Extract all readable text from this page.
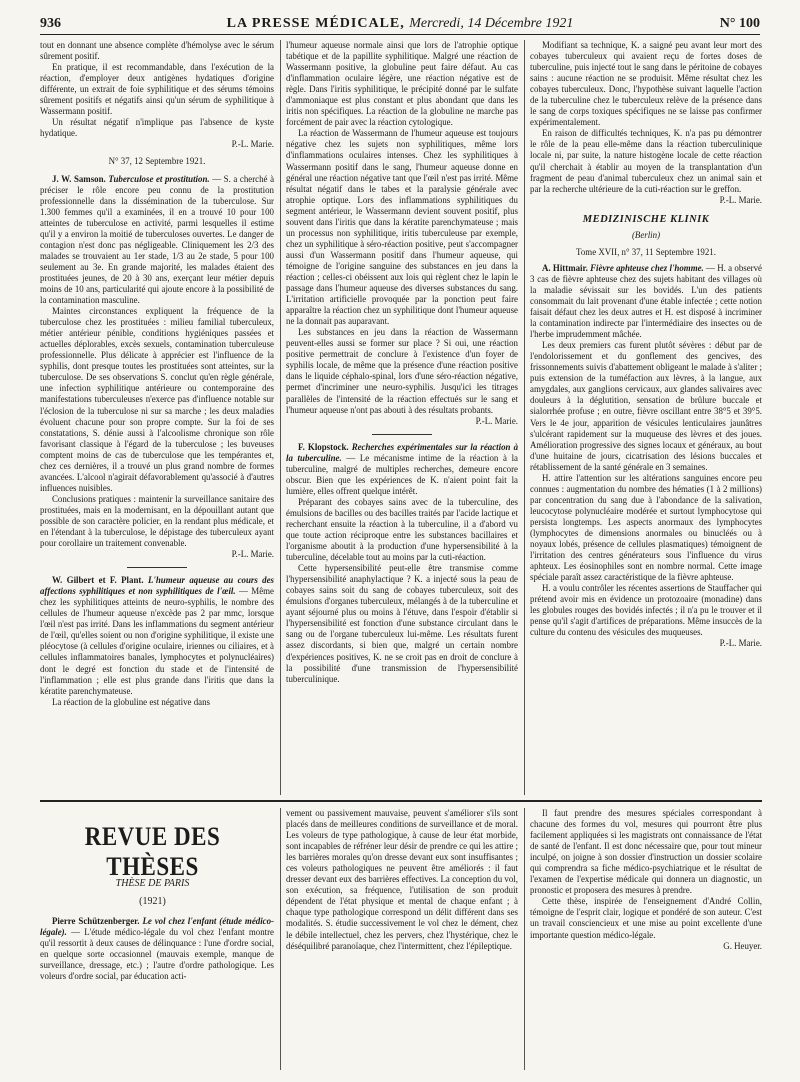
936	LA PRESSE MÉDICALE, Mercredi, 14 Décembre 1921	N° 100

tout en donnant une absence complète d'hémolyse avec le sérum sûrement positif.

En pratique, il est recommandable, dans l'exécution de la réaction, d'employer deux antigènes hydatiques d'origine différente, un extrait de foie syphilitique et des sérums témoins sûrement positifs et négatifs ainsi qu'un sérum de syphilitique à Wassermann positif.

Un résultat négatif n'implique pas l'absence de kyste hydatique.

P.-L. Marie.

N° 37, 12 Septembre 1921.

J. W. Samson. Tuberculose et prostitution. — S. a cherché à préciser le rôle encore peu connu de la prostitution professionnelle dans la dissémination de la tuberculose. Sur 1.300 femmes qu'il a examinées, il en a trouvé 10 pour 100 atteintes de tuberculose en activité, parmi lesquelles il estime qu'il y a environ la moitié de tuberculoses ouvertes. Le danger de contagion n'est donc pas négligeable. Cliniquement les 2/3 des malades se trouvaient au 1er stade, 1/3 au 2e stade, 5 pour 100 seulement au 3e. En grande majorité, les malades étaient des prostituées jeunes, de 20 à 30 ans, exerçant leur métier depuis moins de 10 ans, particularité qui ajoute encore à la possibilité de la contamination masculine.

Maintes circonstances expliquent la fréquence de la tuberculose chez les prostituées : milieu familial tuberculeux, métier antérieur pénible, conditions hygiéniques passées et actuelles déplorables, excès sexuels, contamination tuberculeuse professionnelle. Plus délicate à apprécier est l'influence de la syphilis, dont presque toutes les prostituées sont atteintes, sur la tuberculose. De ses observations S. conclut qu'en règle générale, une infection syphilitique antérieure ou contemporaine des manifestations tuberculeuses n'exerce pas d'influence notable sur l'éclosion de la tuberculose ni sur sa marche ; les deux maladies évoluent chacune pour son propre compte. Sur la foi de ses constatations, S. dénie aussi à l'alcoolisme chronique son rôle favorisant classique à l'égard de la tuberculose ; les buveuses comptent moins de cas de tuberculose que les tempérantes et, chez ces dernières, il a trouvé un plus grand nombre de formes avancées. L'alcool n'agirait défavorablement qu'associé à d'autres influences nuisibles.

Conclusions pratiques : maintenir la surveillance sanitaire des prostituées, mais en la modernisant, en la dépouillant autant que possible de son caractère policier, en la rendant plus médicale, et en l'étendant à la tuberculose, le dépistage des tuberculeux ayant pour corollaire un traitement convenable.

P.-L. Marie.

W. Gilbert et F. Plant. L'humeur aqueuse au cours des affections syphilitiques et non syphilitiques de l'œil. — Même chez les syphilitiques atteints de neuro-syphilis, le nombre des cellules de l'humeur aqueuse n'excède pas 2 par mmc, lorsque l'œil n'est pas irrité. Dans les inflammations du segment antérieur de l'œil, qu'elles soient ou non d'origine syphilitique, il existe une pléocytose (à cellules d'origine oculaire, iriennes ou ciliaires, et à cellules inflammatoires banales, lymphocytes et polynucléaires) dont le degré est fonction du stade et de l'intensité de l'inflammation ; elle est plus grande dans l'iritis que dans la kératite parenchymateuse.

La réaction de la globuline est négative dans

l'humeur aqueuse normale ainsi que lors de l'atrophie optique tabétique et de la papillite syphilitique. Malgré une réaction de Wassermann positive, la globuline peut faire défaut. Au cas d'inflammation oculaire légère, une réaction négative est de règle. Dans l'iritis syphilitique, le précipité donné par le sulfate d'ammoniaque est plus constant et plus abondant que dans les iritis non spécifiques. La réaction de la globuline ne marche pas forcément de pair avec la réaction cytologique.

La réaction de Wassermann de l'humeur aqueuse est toujours négative chez les sujets non syphilitiques, même lors d'inflammations oculaires intenses. Chez les syphilitiques à Wassermann positif dans le sang, l'humeur aqueuse donne en général une réaction négative tant que l'œil n'est pas irrité. Même résultat négatif dans le tabes et la paralysie générale avec atrophie optique. Lors des inflammations syphilitiques du segment antérieur, le Wassermann devient souvent positif, plus souvent dans l'iritis que dans la kératite parenchymateuse ; mais un processus non syphilitique, iritis tuberculeuse par exemple, chez un syphilitique à séro-réaction positive, peut s'accompagner aussi d'un Wassermann positif dans l'humeur aqueuse, qui témoigne de l'origine sanguine des substances en jeu dans la réaction ; celles-ci obéissent aux lois qui règlent chez le lapin le passage dans l'humeur aqueuse des diverses substances du sang. L'irritation artificielle provoquée par la ponction peut faire apparaître la réaction chez un syphilitique dont l'humeur aqueuse ne la donnait pas auparavant.

Les substances en jeu dans la réaction de Wassermann peuvent-elles aussi se former sur place ? Si oui, une réaction positive permettrait de conclure à l'existence d'un foyer de syphilis locale, de même que la présence d'une réaction positive dans le liquide céphalo-spinal, lors d'une séro-réaction négative, permet d'incriminer une neuro-syphilis. Jusqu'ici les titrages parallèles de l'intensité de la réaction effectués sur le sang et l'humeur aqueuse n'ont pas abouti à des résultats probants.

P.-L. Marie.

F. Klopstock. Recherches expérimentales sur la réaction à la tuberculine. — Le mécanisme intime de la réaction à la tuberculine, malgré de multiples recherches, demeure encore obscur. Bien que les expériences de K. n'aient point fait la lumière, elles offrent quelque intérêt.

Préparant des cobayes sains avec de la tuberculine, des émulsions de bacilles ou des bacilles traités par l'acide lactique et recherchant ensuite la réaction à la tuberculine, il a d'abord vu que toute action réciproque entre les substances bacillaires et l'organisme aboutit à la production d'une hypersensibilité à la tuberculine, décelable tout au moins par la cuti-réaction.

Cette hypersensibilité peut-elle être transmise comme l'hypersensibilité anaphylactique ? K. a injecté sous la peau de cobayes sains soit du sang de cobayes tuberculeux, soit des émulsions d'organes tuberculeux, mélangés à de la tuberculine et ayant séjourné plus ou moins à l'étuve, dans l'espoir d'établir si l'hypersensibilité est fonction d'une substance circulant dans le sang ou de l'organe tuberculeux lui-même. Les résultats furent assez discordants, si bien que, malgré un certain nombre d'expériences positives, K. ne se croit pas en droit de conclure à la possibilité d'une transmission de l'hypersensibilité tuberculinique.

Modifiant sa technique, K. a saigné peu avant leur mort des cobayes tuberculeux qui avaient reçu de fortes doses de tuberculine, puis injecté tout le sang dans le péritoine de cobayes sains : aucune réaction ne se produisit. Même résultat chez les cobayes tuberculeux. Donc, l'hypothèse suivant laquelle l'action de la tuberculine chez le tuberculeux relève de la présence dans le sang de corps toxiques spécifiques ne se laisse pas confirmer expérimentalement.

En raison de difficultés techniques, K. n'a pas pu démontrer le rôle de la peau elle-même dans la réaction tuberculinique locale ni, par suite, la nature histogène locale de cette réaction qu'il cherchait à établir au moyen de la transplantation d'un fragment de peau d'animal tuberculeux chez un animal sain et par la recherche ultérieure de la cuti-réaction sur le greffon.

P.-L. Marie.

MEDIZINISCHE KLINIK

(Berlin)

Tome XVII, n° 37, 11 Septembre 1921.

A. Hittmair. Fièvre aphteuse chez l'homme. — H. a observé 3 cas de fièvre aphteuse chez des sujets habitant des villages où la maladie sévissait sur les bovidés. L'un des patients consommait du lait provenant d'une étable infectée ; cette notion faisait défaut chez les deux autres et H. est disposé à incriminer la contamination indirecte par l'intermédiaire des insectes ou de l'herbe imprudemment mâchée.

Les deux premiers cas furent plutôt sévères : début par de l'endolorissement et du gonflement des gencives, des frissonnements suivis d'abattement obligeant le malade à s'aliter ; puis extension de la tuméfaction aux lèvres, à la langue, aux amygdales, aux ganglions cervicaux, aux glandes salivaires avec douleurs à la déglutition, sensation de brûlure buccale et sialorrhée profuse ; en outre, fièvre oscillant entre 38°5 et 39°5. Vers le 4e jour, apparition de vésicules lenticulaires jaunâtres s'ulcérant rapidement sur la muqueuse des lèvres et des joues. Amélioration progressive des signes locaux et généraux, au bout d'une huitaine de jours, cicatrisation des lésions buccales et rétablissement de la santé générale en 3 semaines.

H. attire l'attention sur les altérations sanguines encore peu connues : augmentation du nombre des hématies (1 à 2 millions) par concentration du sang due à l'abondance de la salivation, leucocytose polynucléaire modérée et surtout lymphocytose qui persista longtemps. Les aspects anormaux des lymphocytes (lymphocytes de dimensions anormales ou binucléés ou à noyaux lobés, présence de cellules plasmatiques) témoignent de l'irritation des centres générateurs sous l'influence du virus aphteux. Les éosinophiles sont en nombre normal. Cette image spéciale paraît assez caractéristique de la fièvre aphteuse.

H. a voulu contrôler les récentes assertions de Stauffacher qui prétend avoir mis en évidence un protozoaire (monadine) dans les globules rouges des bovidés infectés ; il n'a pu le trouver et il pense qu'il s'agit d'artifices de préparations. Même insuccès de la culture du contenu des vésicules des muqueuses.

P.-L. Marie.

REVUE DES THÈSES
THÈSE DE PARIS
(1921)

Pierre Schützenberger. Le vol chez l'enfant (étude médico-légale). — L'étude médico-légale du vol chez l'enfant montre qu'il ressortit à deux causes de délinquance : l'une d'ordre social, en quelque sorte occasionnel (mauvais exemple, manque de surveillance, dressage, etc.) ; l'autre d'ordre pathologique. Les voleurs d'ordre social, par éducation acti-

vement ou passivement mauvaise, peuvent s'améliorer s'ils sont placés dans de meilleures conditions de surveillance et de moral. Les voleurs de type pathologique, à cause de leur état morbide, sont incapables de réfréner leur désir de prendre ce qui les attire ; les barrières morales qu'on dresse devant eux sont insuffisantes ; ces voleurs pathologiques ne peuvent être améliorés : il faut dresser devant eux des barrières effectives. La conception du vol, son exécution, sa fréquence, l'utilisation de son produit dépendent de l'état physique et mental de chaque enfant ; à chaque type pathologique correspond un délit différent dans ses modalités. S. étudie successivement le vol chez le dément, chez le débile intellectuel, chez les pervers, chez l'hystérique, chez le déséquilibré paranoïaque, chez l'intermittent, chez l'épileptique.

Il faut prendre des mesures spéciales correspondant à chacune des formes du vol, mesures qui pourront être plus facilement appliquées si les magistrats ont connaissance de l'état de santé de l'enfant. Il est donc nécessaire que, pour tout mineur inculpé, on joigne à son dossier d'instruction un dossier scolaire qui comprendra sa fiche médico-psychiatrique et le résultat de l'examen de l'expertise médicale qui donnera un diagnostic, un pronostic et proposera des mesures à prendre.

Cette thèse, inspirée de l'enseignement d'André Collin, témoigne de l'esprit clair, logique et pondéré de son auteur. C'est un travail consciencieux et une mise au point excellente d'une importante question médico-légale.

G. Heuyer.
